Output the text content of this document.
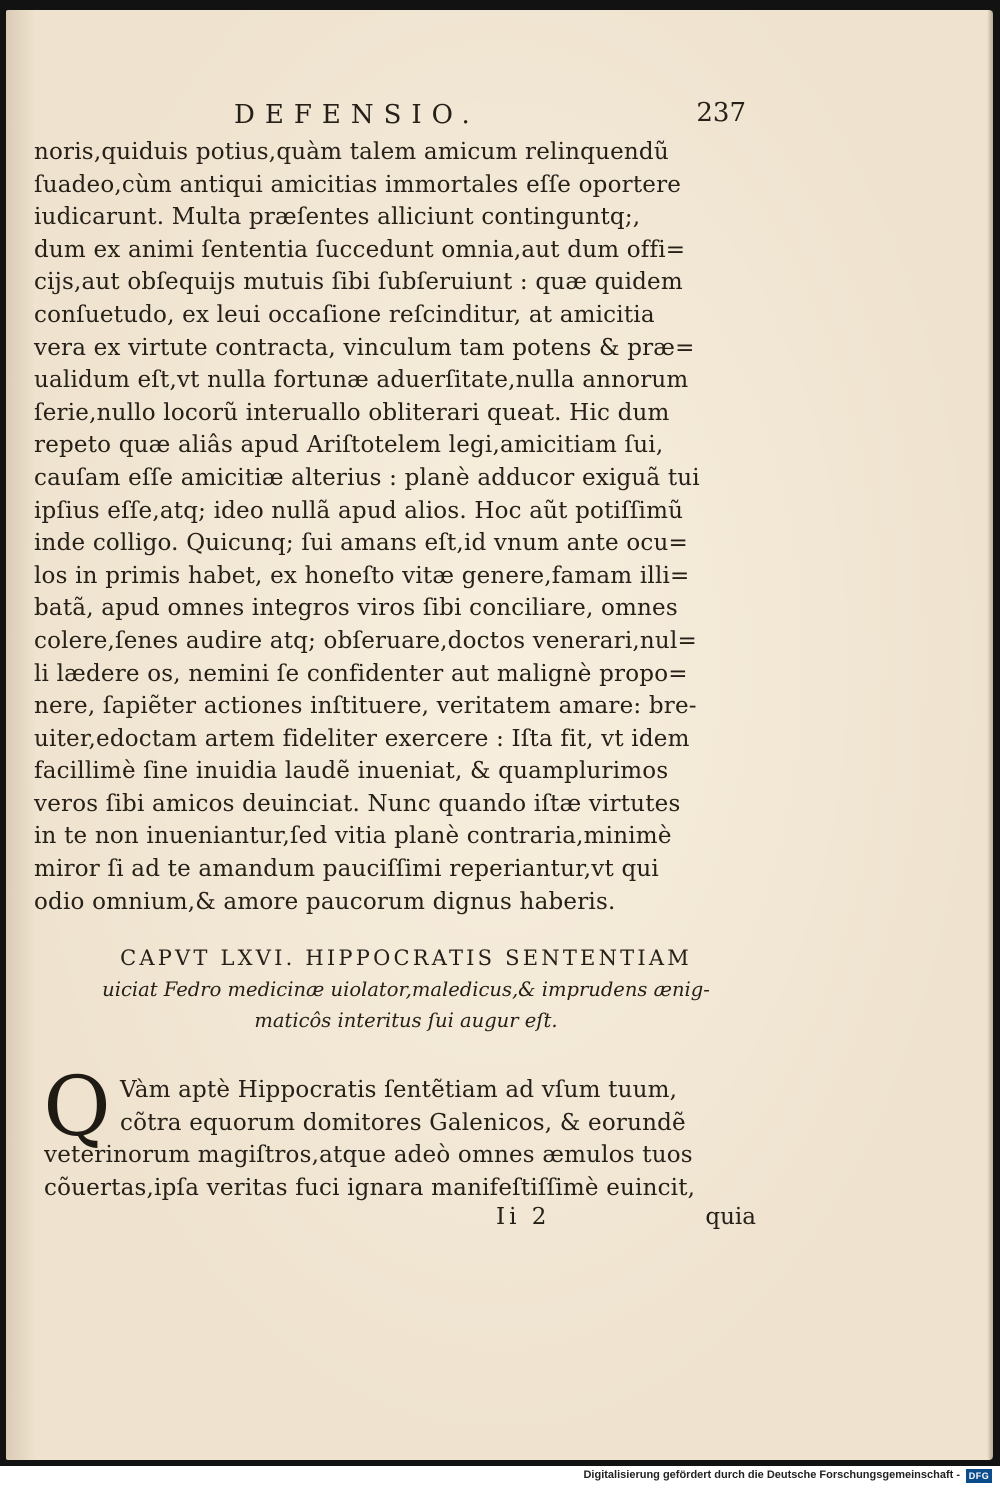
DEFENSIO.	237
noris,quiduis potius,quàm talem amicum relinquendũ
ſuadeo,cùm antiqui amicitias immortales eſſe oportere
iudicarunt. Multa præſentes alliciunt continguntq;,
dum ex animi ſententia ſuccedunt omnia,aut dum offi=
cijs,aut obſequijs mutuis ſibi ſubſeruiunt : quæ quidem
conſuetudo, ex leui occaſione reſcinditur, at amicitia
vera ex virtute contracta, vinculum tam potens & præ=
ualidum eſt,vt nulla fortunæ aduerſitate,nulla annorum
ſerie,nullo locorũ interuallo obliterari queat. Hic dum
repeto quæ aliâs apud Ariſtotelem legi,amicitiam ſui,
cauſam eſſe amicitiæ alterius : planè adducor exiguã tui
ipſius eſſe,atq; ideo nullã apud alios. Hoc aũt potiſſimũ
inde colligo. Quicunq; ſui amans eſt,id vnum ante ocu=
los in primis habet, ex honeſto vitæ genere,famam illi=
batã, apud omnes integros viros ſibi conciliare, omnes
colere,ſenes audire atq; obſeruare,doctos venerari,nul=
li lædere os, nemini ſe confidenter aut malignè propo=
nere, ſapiẽter actiones inſtituere, veritatem amare: bre-
uiter,edoctam artem fideliter exercere : Iſta fit, vt idem
facillimè ſine inuidia laudẽ inueniat, & quamplurimos
veros ſibi amicos deuinciat. Nunc quando iſtæ virtutes
in te non inueniantur,ſed vitia planè contraria,minimè
miror ſi ad te amandum pauciſſimi reperiantur,vt qui
odio omnium,& amore paucorum dignus haberis.
CAPVT LXVI. HIPPOCRATIS SENTENTIAM
uiciat Fedro medicinæ uiolator,maledicus,& imprudens ænig-
maticôs interitus ſui augur eſt.
Q Vàm aptè Hippocratis ſentẽtiam ad vſum tuum,
cõtra equorum domitores Galenicos, & eorundẽ
veterinorum magiſtros,atque adeò omnes æmulos tuos
cõuertas,ipſa veritas fuci ignara manifeſtiſſimè euincit,
Ii 2	quia
Digitalisierung gefördert durch die Deutsche Forschungsgemeinschaft - DFG
